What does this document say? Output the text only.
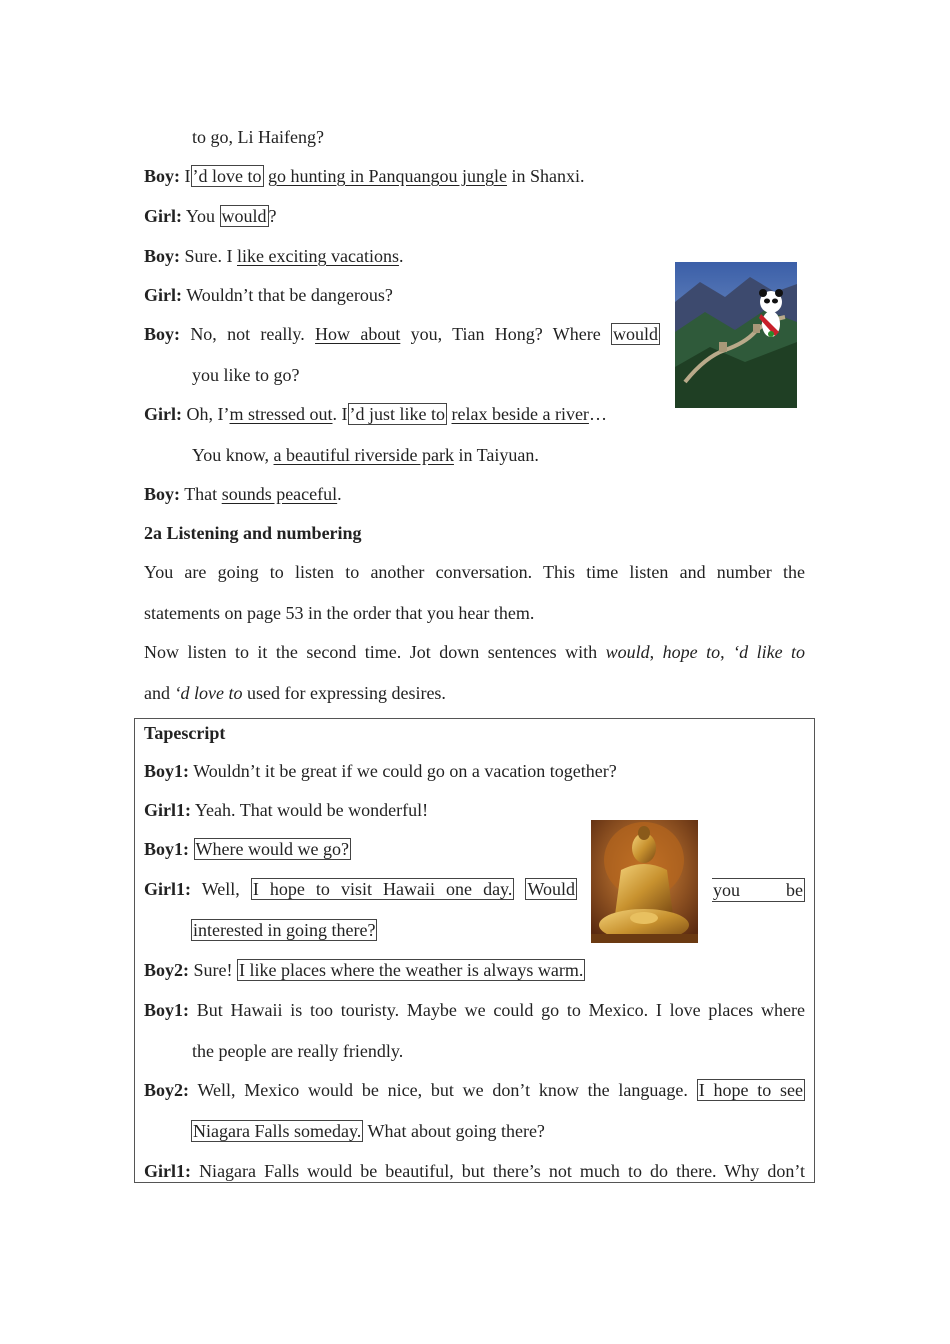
to go, Li Haifeng?
Boy: I ’d love to go hunting in Panquangou jungle in Shanxi.
Girl: You would ?
Boy: Sure. I like exciting vacations.
Girl: Wouldn’t that be dangerous?
Boy: No, not really. How about you, Tian Hong? Where would
you like to go?
Girl: Oh, I’m stressed out. I ’d just like to relax beside a river…
You know, a beautiful riverside park in Taiyuan.
Boy: That sounds peaceful.
2a Listening and numbering
You are going to listen to another conversation. This time listen and number the
statements on page 53 in the order that you hear them.
Now listen to it the second time. Jot down sentences with would, hope to, ‘d like to
and ‘d love to used for expressing desires.
Tapescript
Boy1: Wouldn’t it be great if we could go on a vacation together?
Girl1: Yeah. That would be wonderful!
Boy1: Where would we go?
Girl1: Well, I hope to visit Hawaii one day. Would	you	be
interested in going there?
Boy2: Sure! I like places where the weather is always warm.
Boy1: But Hawaii is too touristy. Maybe we could go to Mexico. I love places where
the people are really friendly.
Boy2: Well, Mexico would be nice, but we don’t know the language. I hope to see
Niagara Falls someday. What about going there?
Girl1: Niagara Falls would be beautiful, but there’s not much to do there. Why don’t
